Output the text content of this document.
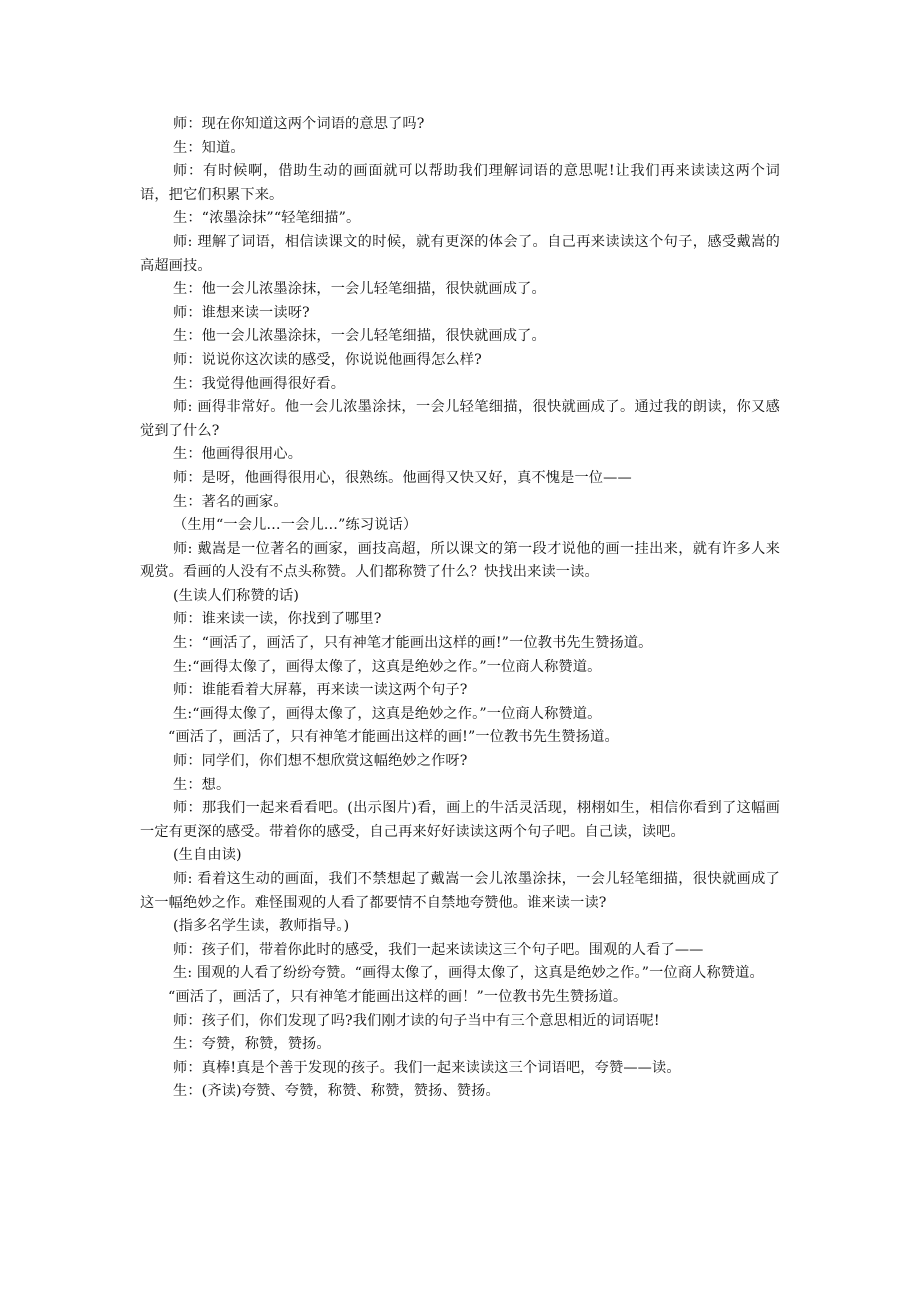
师：现在你知道这两个词语的意思了吗?

生：知道。

师：有时候啊，借助生动的画面就可以帮助我们理解词语的意思呢!让我们再来读读这两个词语，把它们积累下来。

生：“浓墨涂抹”“轻笔细描”。

师: 理解了词语，相信读课文的时候，就有更深的体会了。自己再来读读这个句子，感受戴嵩的高超画技。

生：他一会儿浓墨涂抹，一会儿轻笔细描，很快就画成了。

师：谁想来读一读呀?

生：他一会儿浓墨涂抹，一会儿轻笔细描，很快就画成了。

师：说说你这次读的感受，你说说他画得怎么样?

生：我觉得他画得很好看。

师: 画得非常好。他一会儿浓墨涂抹，一会儿轻笔细描，很快就画成了。通过我的朗读，你又感觉到了什么?

生：他画得很用心。

师：是呀，他画得很用心，很熟练。他画得又快又好，真不愧是一位——

生：著名的画家。

（生用“一会儿…一会儿…”练习说话）

师: 戴嵩是一位著名的画家，画技高超，所以课文的第一段才说他的画一挂出来，就有许多人来观赏。看画的人没有不点头称赞。人们都称赞了什么？快找出来读一读。

(生读人们称赞的话)

师：谁来读一读，你找到了哪里?

生：“画活了，画活了，只有神笔才能画出这样的画!”一位教书先生赞扬道。

生:“画得太像了，画得太像了，这真是绝妙之作。”一位商人称赞道。

师：谁能看着大屏幕，再来读一读这两个句子?

生:“画得太像了，画得太像了，这真是绝妙之作。”一位商人称赞道。

“画活了，画活了，只有神笔才能画出这样的画!”一位教书先生赞扬道。

师：同学们，你们想不想欣赏这幅绝妙之作呀?

生：想。

师：那我们一起来看看吧。(出示图片)看，画上的牛活灵活现，栩栩如生，相信你看到了这幅画一定有更深的感受。带着你的感受，自己再来好好读读这两个句子吧。自己读，读吧。

(生自由读)

师: 看着这生动的画面，我们不禁想起了戴嵩一会儿浓墨涂抹，一会儿轻笔细描，很快就画成了这一幅绝妙之作。难怪围观的人看了都要情不自禁地夸赞他。谁来读一读?

(指多名学生读，教师指导。)

师：孩子们，带着你此时的感受，我们一起来读读这三个句子吧。围观的人看了——

生: 围观的人看了纷纷夸赞。“画得太像了，画得太像了，这真是绝妙之作。”一位商人称赞道。

“画活了，画活了，只有神笔才能画出这样的画！”一位教书先生赞扬道。

师：孩子们，你们发现了吗?我们刚才读的句子当中有三个意思相近的词语呢!

生：夸赞，称赞，赞扬。

师：真棒!真是个善于发现的孩子。我们一起来读读这三个词语吧，夸赞——读。

生：(齐读)夸赞、夸赞，称赞、称赞，赞扬、赞扬。
